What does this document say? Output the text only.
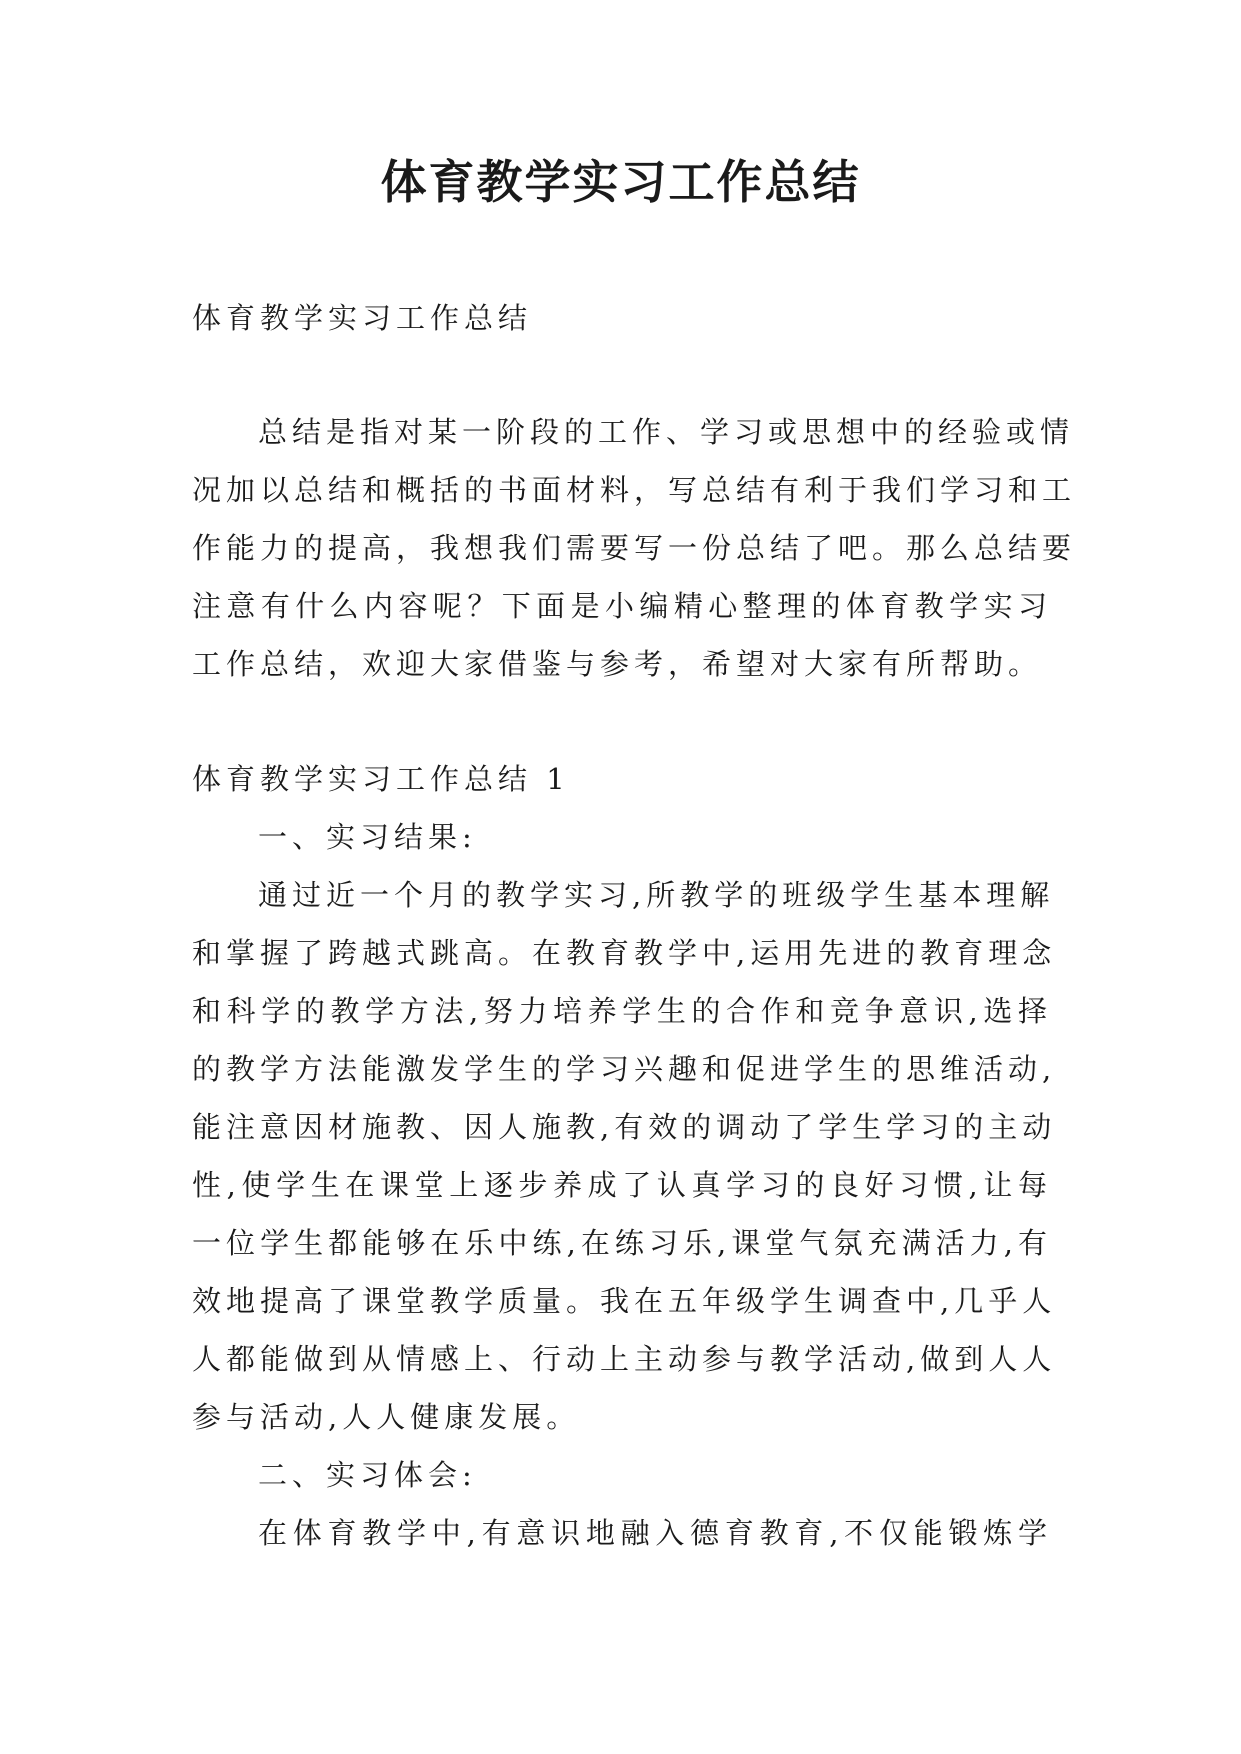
体育教学实习工作总结
体育教学实习工作总结
总结是指对某一阶段的工作、学习或思想中的经验或情
况加以总结和概括的书面材料，写总结有利于我们学习和工
作能力的提高，我想我们需要写一份总结了吧。那么总结要
注意有什么内容呢？下面是小编精心整理的体育教学实习
工作总结，欢迎大家借鉴与参考，希望对大家有所帮助。
体育教学实习工作总结 1
一、实习结果:
通过近一个月的教学实习,所教学的班级学生基本理解
和掌握了跨越式跳高。在教育教学中,运用先进的教育理念
和科学的教学方法,努力培养学生的合作和竞争意识,选择
的教学方法能激发学生的学习兴趣和促进学生的思维活动,
能注意因材施教、因人施教,有效的调动了学生学习的主动
性,使学生在课堂上逐步养成了认真学习的良好习惯,让每
一位学生都能够在乐中练,在练习乐,课堂气氛充满活力,有
效地提高了课堂教学质量。我在五年级学生调查中,几乎人
人都能做到从情感上、行动上主动参与教学活动,做到人人
参与活动,人人健康发展。
二、实习体会:
在体育教学中,有意识地融入德育教育,不仅能锻炼学
